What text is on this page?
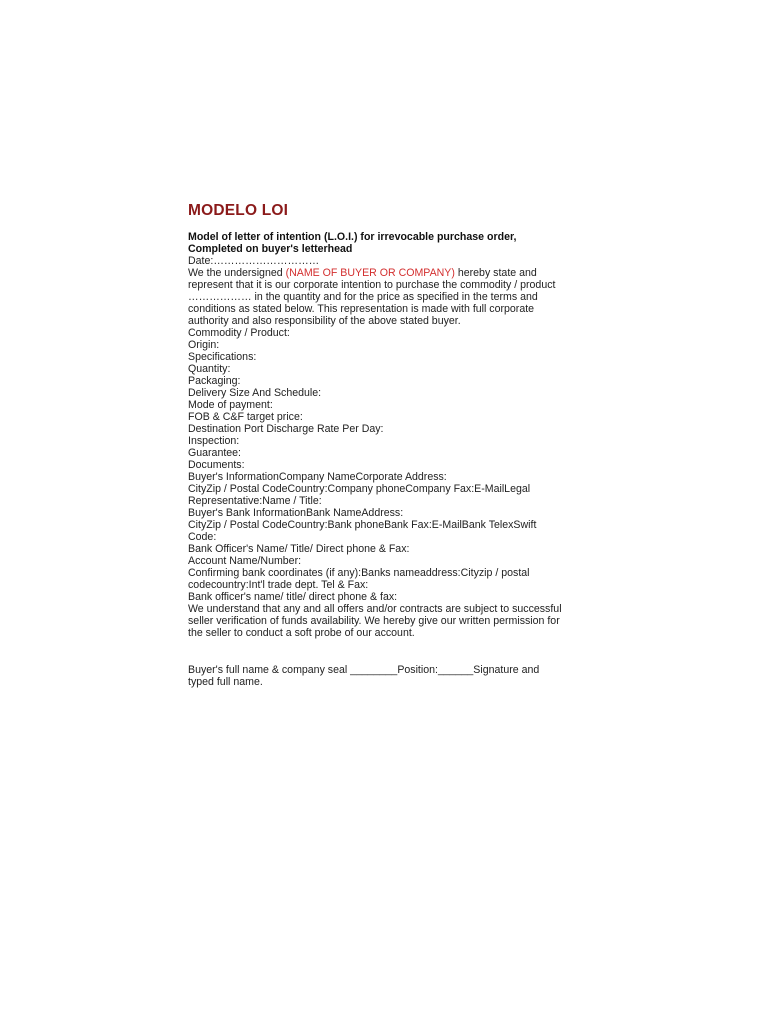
MODELO LOI

Model of letter of intention (L.O.I.) for irrevocable purchase order,

Completed on buyer's letterhead

Date:…………………………

We the undersigned (NAME OF BUYER OR COMPANY) hereby state and

represent that it is our corporate intention to purchase the commodity / product

……………… in the quantity and for the price as specified in the terms and

conditions as stated below. This representation is made with full corporate

authority and also responsibility of the above stated buyer.

Commodity / Product:

Origin:

Specifications:

Quantity:

Packaging:

Delivery Size And Schedule:

Mode of payment:

FOB & C&F target price:

Destination Port Discharge Rate Per Day:

Inspection:

Guarantee:

Documents:

Buyer's InformationCompany NameCorporate Address:

CityZip / Postal CodeCountry:Company phoneCompany Fax:E-MailLegal

Representative:Name / Title:

Buyer's Bank InformationBank NameAddress:

CityZip / Postal CodeCountry:Bank phoneBank Fax:E-MailBank TelexSwift

Code:

Bank Officer's Name/ Title/ Direct phone & Fax:

Account Name/Number:

Confirming bank coordinates (if any):Banks nameaddress:Cityzip / postal

codecountry:Int'l trade dept. Tel & Fax:

Bank officer's name/ title/ direct phone & fax:

We understand that any and all offers and/or contracts are subject to successful

seller verification of funds availability. We hereby give our written permission for

the seller to conduct a soft probe of our account.

Buyer's full name & company seal ________Position:______Signature and

typed full name.
